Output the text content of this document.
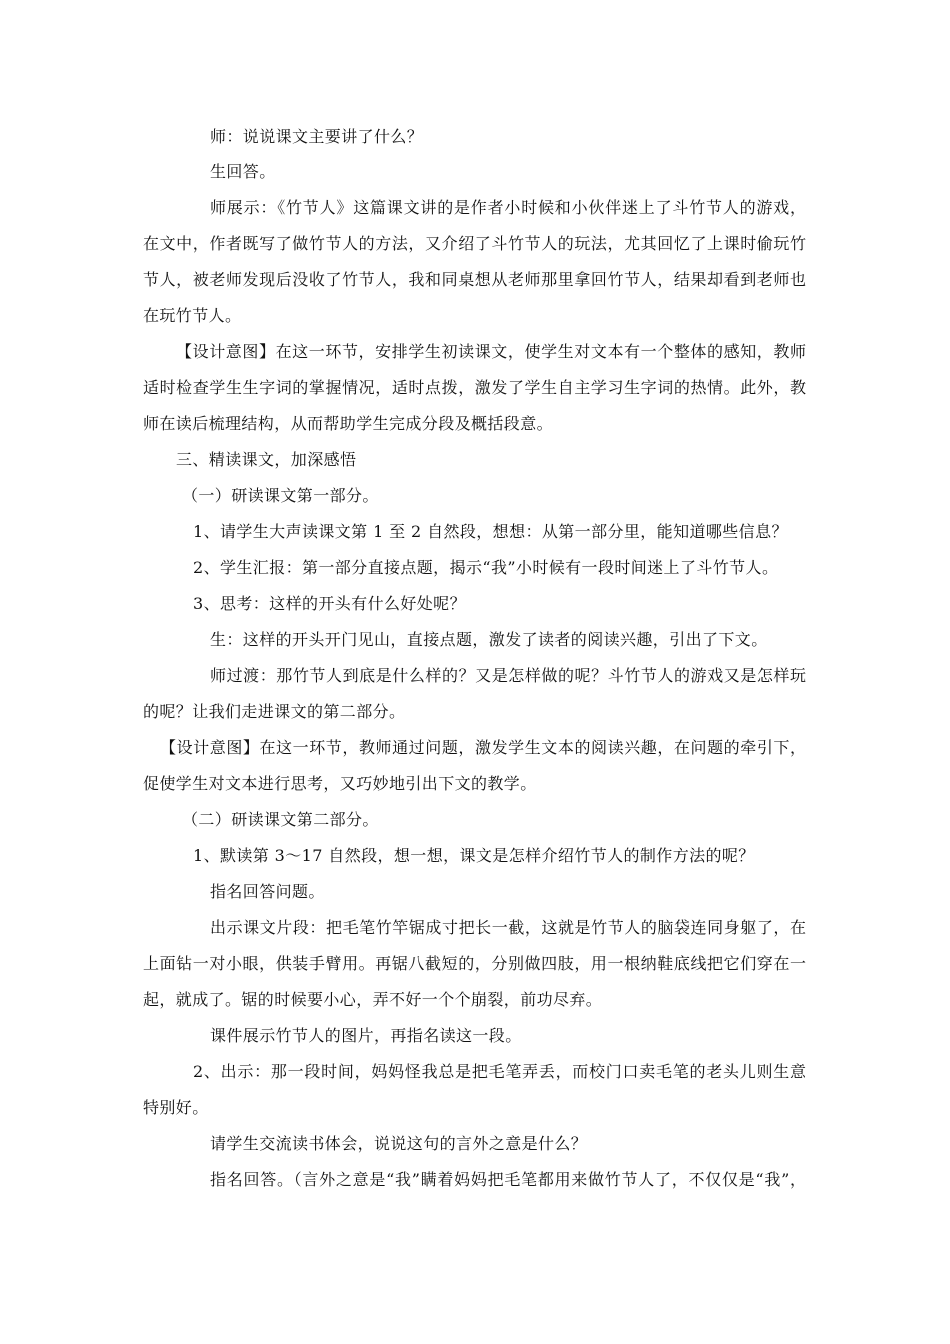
师：说说课文主要讲了什么？
生回答。
师展示：《竹节人》这篇课文讲的是作者小时候和小伙伴迷上了斗竹节人的游戏，
在文中，作者既写了做竹节人的方法，又介绍了斗竹节人的玩法，尤其回忆了上课时偷玩竹
节人，被老师发现后没收了竹节人，我和同桌想从老师那里拿回竹节人，结果却看到老师也
在玩竹节人。
【设计意图】在这一环节，安排学生初读课文，使学生对文本有一个整体的感知，教师
适时检查学生生字词的掌握情况，适时点拨，激发了学生自主学习生字词的热情。此外，教
师在读后梳理结构，从而帮助学生完成分段及概括段意。
三、精读课文，加深感悟
（一）研读课文第一部分。
1、请学生大声读课文第 1 至 2 自然段，想想：从第一部分里，能知道哪些信息？
2、学生汇报：第一部分直接点题，揭示“我”小时候有一段时间迷上了斗竹节人。
3、思考：这样的开头有什么好处呢？
生：这样的开头开门见山，直接点题，激发了读者的阅读兴趣，引出了下文。
师过渡：那竹节人到底是什么样的？又是怎样做的呢？斗竹节人的游戏又是怎样玩
的呢？让我们走进课文的第二部分。
【设计意图】在这一环节，教师通过问题，激发学生文本的阅读兴趣，在问题的牵引下，
促使学生对文本进行思考，又巧妙地引出下文的教学。
（二）研读课文第二部分。
1、默读第 3～17 自然段，想一想，课文是怎样介绍竹节人的制作方法的呢？
指名回答问题。
出示课文片段：把毛笔竹竿锯成寸把长一截，这就是竹节人的脑袋连同身躯了，在
上面钻一对小眼，供装手臂用。再锯八截短的，分别做四肢，用一根纳鞋底线把它们穿在一
起，就成了。锯的时候要小心，弄不好一个个崩裂，前功尽弃。
课件展示竹节人的图片，再指名读这一段。
2、出示：那一段时间，妈妈怪我总是把毛笔弄丢，而校门口卖毛笔的老头儿则生意
特别好。
请学生交流读书体会，说说这句的言外之意是什么？
指名回答。（言外之意是“我”瞒着妈妈把毛笔都用来做竹节人了，不仅仅是“我”，
